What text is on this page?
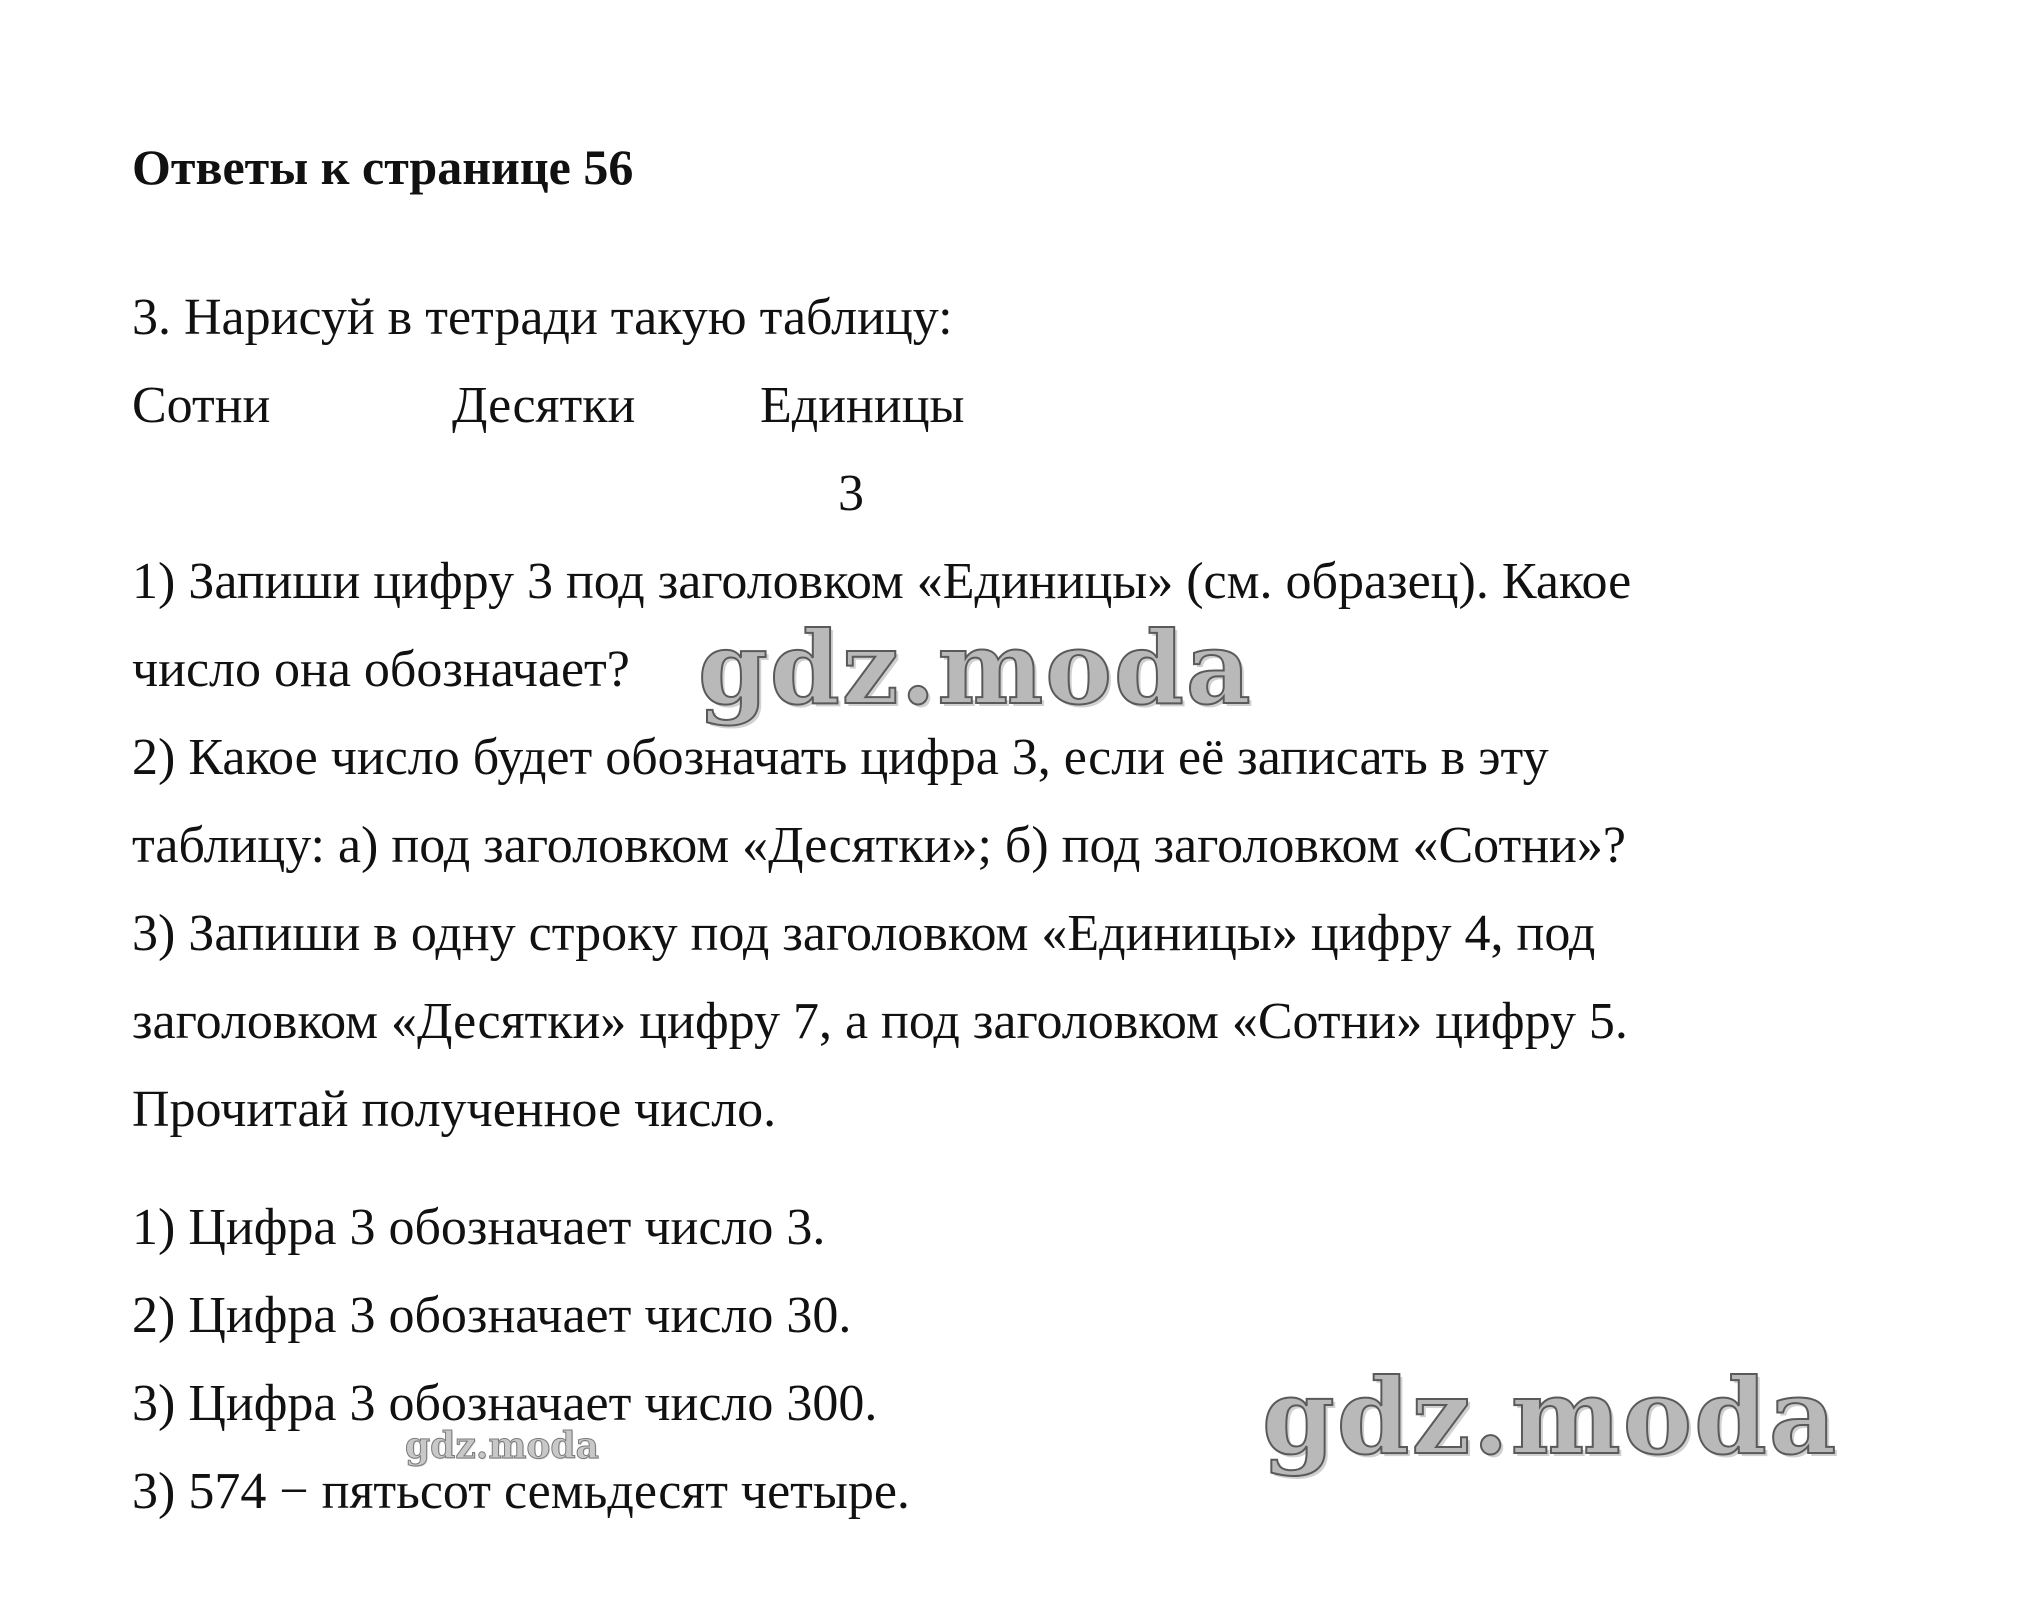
Ответы к странице 56
3. Нарисуй в тетради такую таблицу:
Сотни	Десятки Единицы
3
1) Запиши цифру 3 под заголовком «Единицы» (см. образец). Какое
число она обозначает?
2) Какое число будет обозначать цифра 3, если её записать в эту
таблицу: а) под заголовком «Десятки»; б) под заголовком «Сотни»?
3) Запиши в одну строку под заголовком «Единицы» цифру 4, под
заголовком «Десятки» цифру 7, а под заголовком «Сотни» цифру 5.
Прочитай полученное число.
1) Цифра 3 обозначает число 3.
2) Цифра 3 обозначает число 30.
3) Цифра 3 обозначает число 300.
3) 574 − пятьсот семьдесят четыре.
gdz.moda
gdz.moda
gdz.moda
